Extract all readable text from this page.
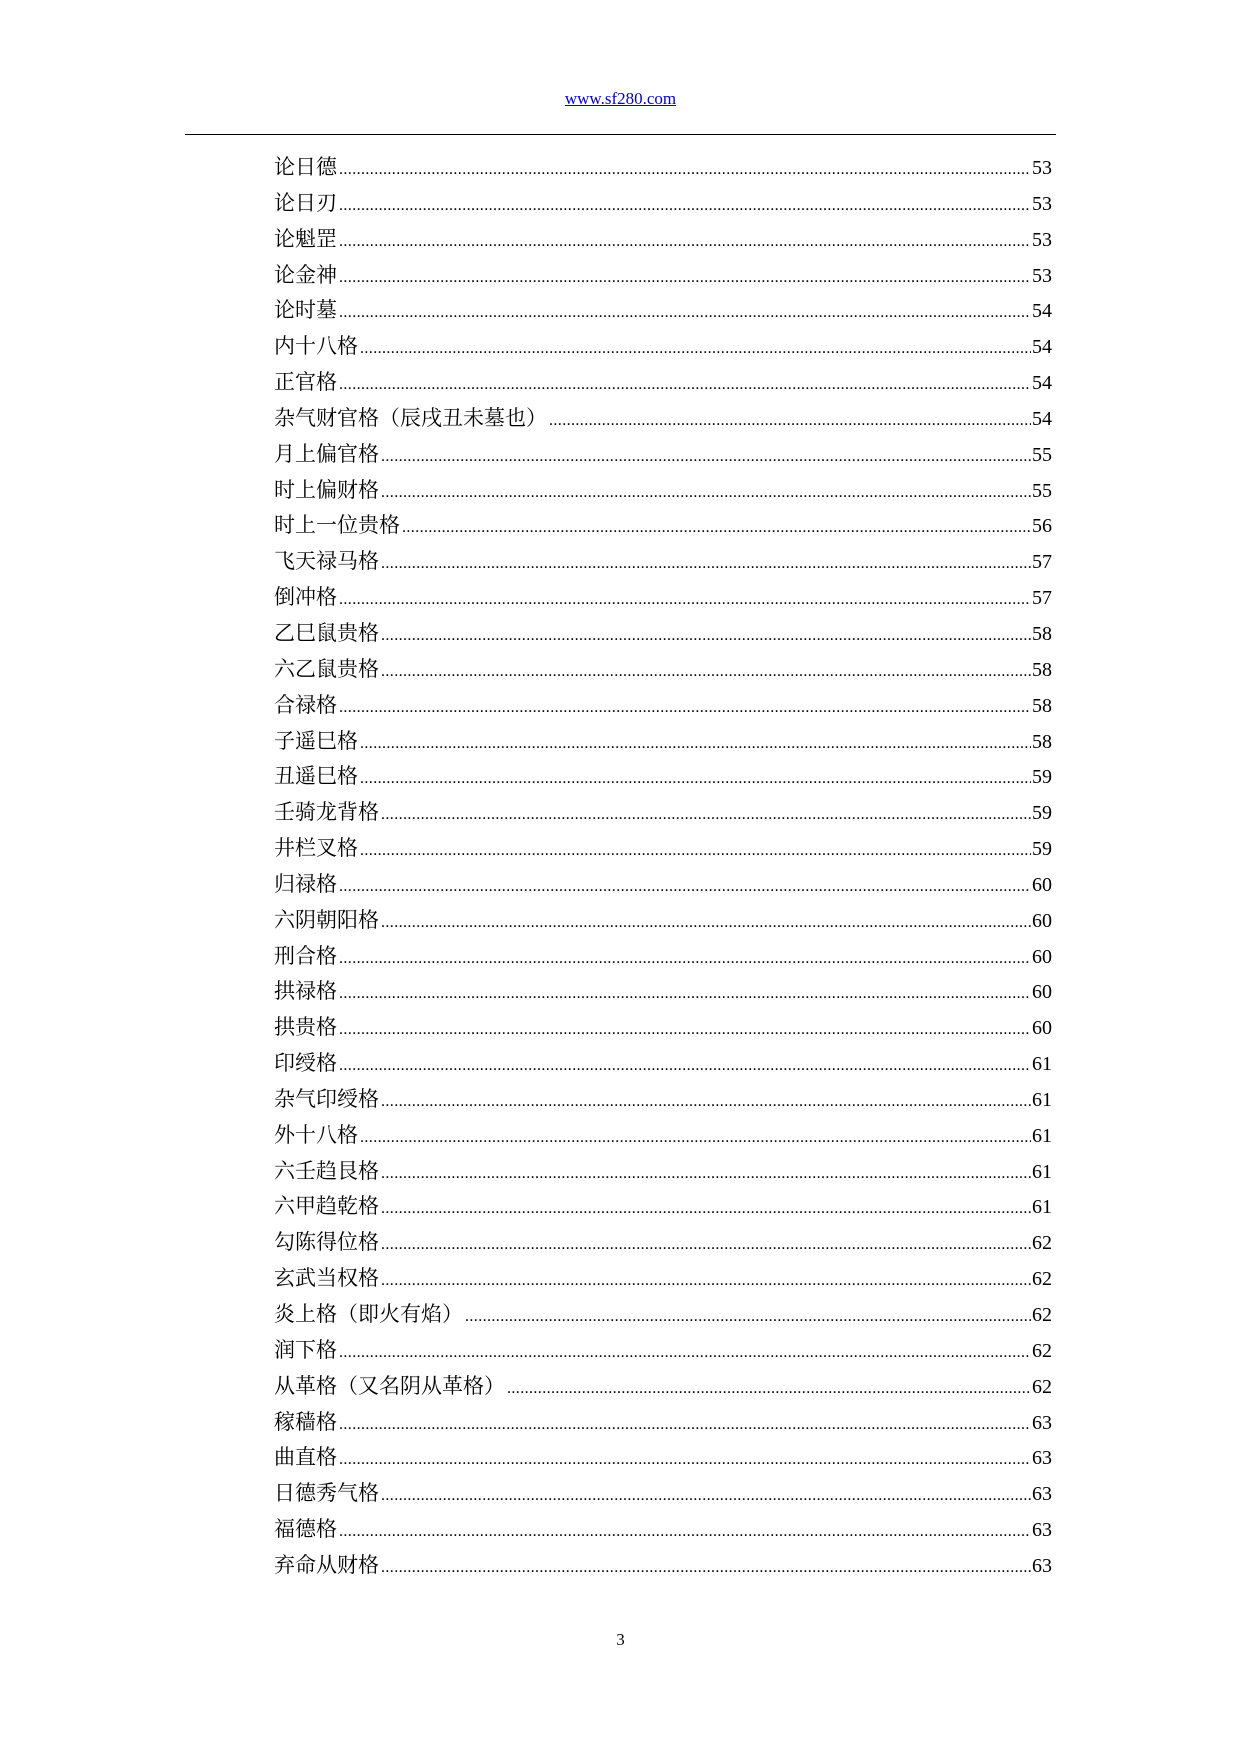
www.sf280.com
论日德 .....	53
论日刃 .....	53
论魁罡 .....	53
论金神 .....	53
论时墓 .....	54
内十八格 .....	54
正官格 .....	54
杂气财官格（辰戌丑未墓也） .....	54
月上偏官格 .....	55
时上偏财格 .....	55
时上一位贵格 .....	56
飞天禄马格 .....	57
倒冲格 .....	57
乙巳鼠贵格 .....	58
六乙鼠贵格 .....	58
合禄格 .....	58
子遥巳格 .....	58
丑遥巳格 .....	59
壬骑龙背格 .....	59
井栏叉格 .....	59
归禄格 .....	60
六阴朝阳格 .....	60
刑合格 .....	60
拱禄格 .....	60
拱贵格 .....	60
印绶格 .....	61
杂气印绶格 .....	61
外十八格 .....	61
六壬趋艮格 .....	61
六甲趋乾格 .....	61
勾陈得位格 .....	62
玄武当权格 .....	62
炎上格（即火有焰） .....	62
润下格 .....	62
从革格（又名阴从革格） .....	62
稼穑格 .....	63
曲直格 .....	63
日德秀气格 .....	63
福德格 .....	63
弃命从财格 .....	63
3
